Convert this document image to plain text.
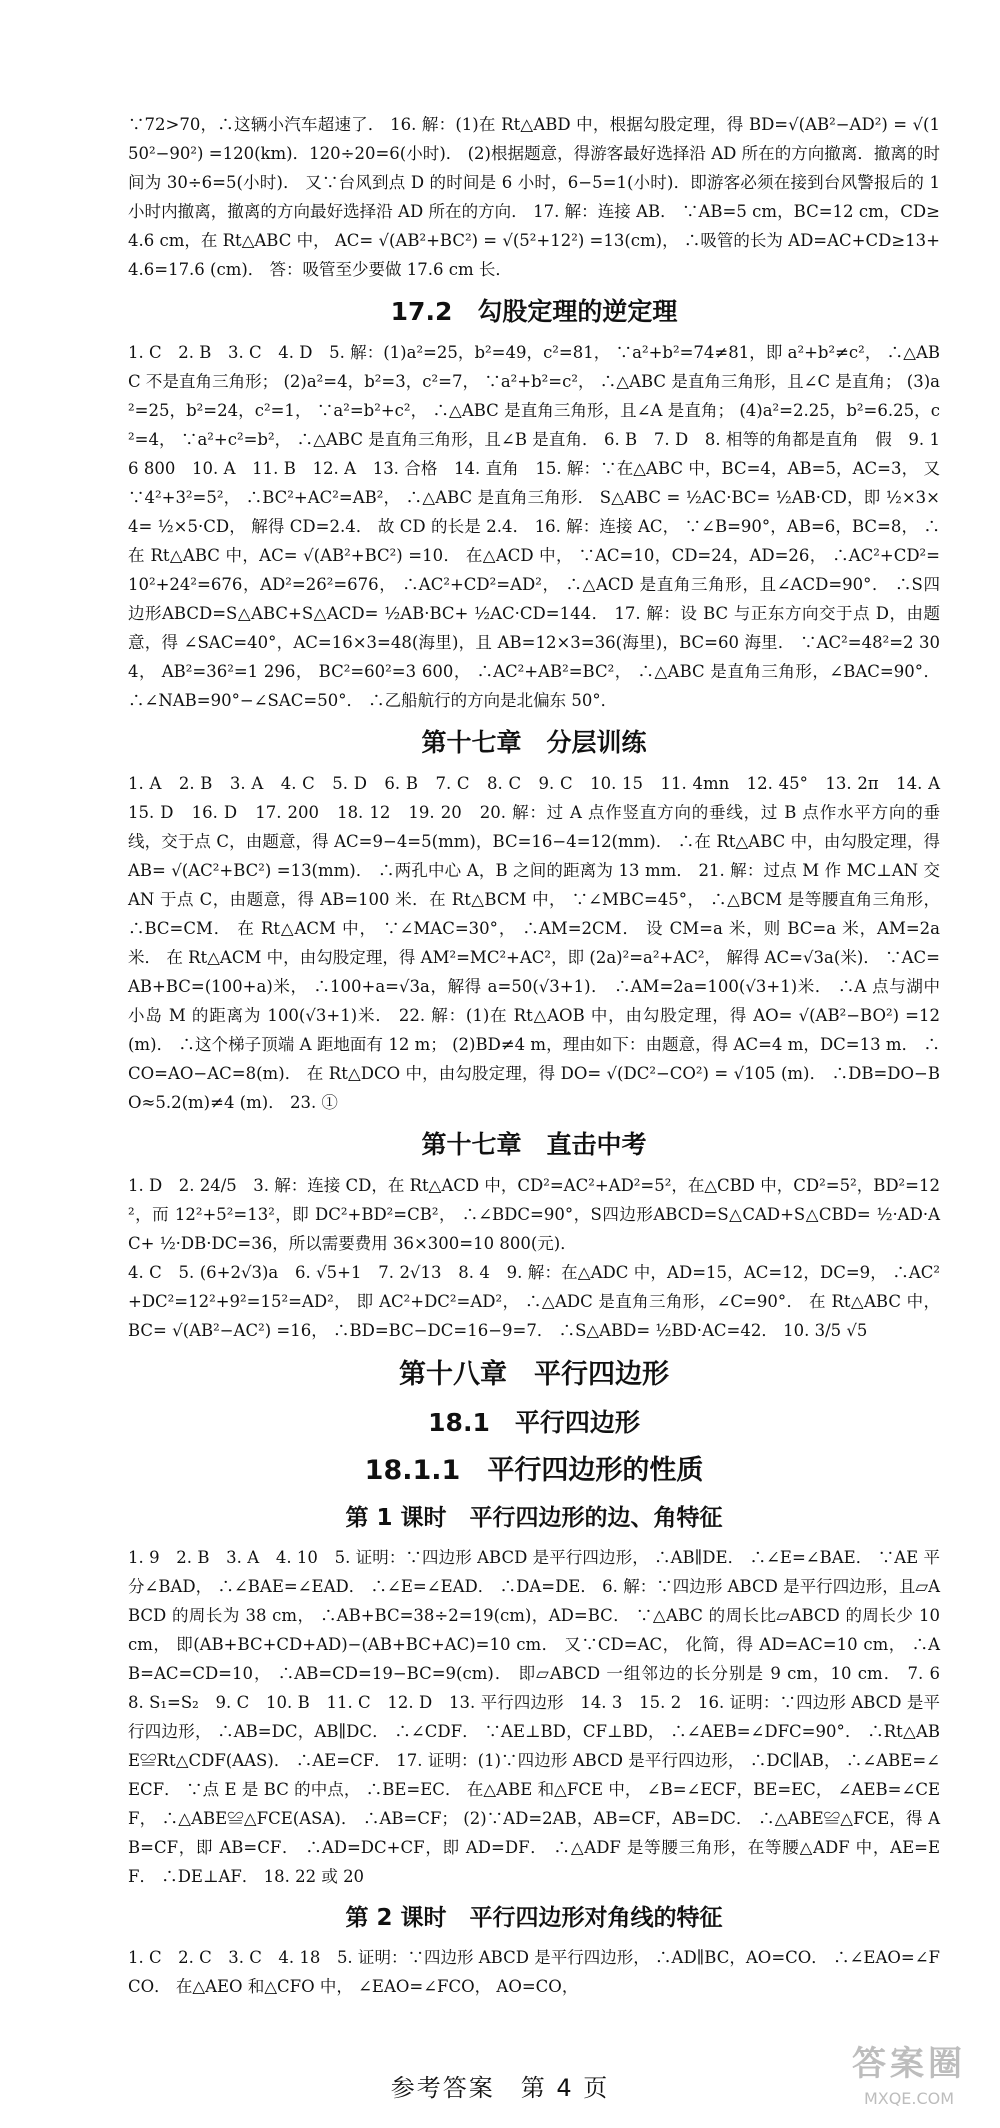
∵72>70，∴这辆小汽车超速了． 16. 解：(1)在 Rt△ABD 中，根据勾股定理，得 BD=√(AB²−AD²) = √(150²−90²) =120(km)．120÷20=6(小时)． (2)根据题意，得游客最好选择沿 AD 所在的方向撤离．撤离的时间为 30÷6=5(小时)． 又∵台风到点 D 的时间是 6 小时，6−5=1(小时)．即游客必须在接到台风警报后的 1 小时内撤离，撤离的方向最好选择沿 AD 所在的方向． 17. 解：连接 AB． ∵AB=5 cm，BC=12 cm，CD≥4.6 cm，在 Rt△ABC 中， AC= √(AB²+BC²) = √(5²+12²) =13(cm)， ∴吸管的长为 AD=AC+CD≥13+4.6=17.6 (cm)． 答：吸管至少要做 17.6 cm 长．

17.2　勾股定理的逆定理

1. C　2. B　3. C　4. D　5. 解：(1)a²=25，b²=49，c²=81， ∵a²+b²=74≠81，即 a²+b²≠c²， ∴△ABC 不是直角三角形； (2)a²=4，b²=3，c²=7， ∵a²+b²=c²， ∴△ABC 是直角三角形，且∠C 是直角； (3)a²=25，b²=24，c²=1， ∵a²=b²+c²， ∴△ABC 是直角三角形，且∠A 是直角； (4)a²=2.25，b²=6.25，c²=4， ∵a²+c²=b²， ∴△ABC 是直角三角形，且∠B 是直角． 6. B　7. D　8. 相等的角都是直角　假　9. 16 800　10. A　11. B　12. A　13. 合格　14. 直角　15. 解：∵在△ABC 中，BC=4，AB=5，AC=3， 又∵4²+3²=5²， ∴BC²+AC²=AB²， ∴△ABC 是直角三角形． S△ABC = ½AC·BC= ½AB·CD，即 ½×3×4= ½×5·CD， 解得 CD=2.4． 故 CD 的长是 2.4． 16. 解：连接 AC， ∵∠B=90°，AB=6，BC=8， ∴在 Rt△ABC 中，AC= √(AB²+BC²) =10． 在△ACD 中， ∵AC=10，CD=24，AD=26， ∴AC²+CD²=10²+24²=676，AD²=26²=676， ∴AC²+CD²=AD²， ∴△ACD 是直角三角形，且∠ACD=90°． ∴S四边形ABCD=S△ABC+S△ACD= ½AB·BC+ ½AC·CD=144． 17. 解：设 BC 与正东方向交于点 D，由题意，得 ∠SAC=40°，AC=16×3=48(海里)，且 AB=12×3=36(海里)，BC=60 海里． ∵AC²=48²=2 304， AB²=36²=1 296， BC²=60²=3 600， ∴AC²+AB²=BC²， ∴△ABC 是直角三角形，∠BAC=90°． ∴∠NAB=90°−∠SAC=50°． ∴乙船航行的方向是北偏东 50°．

第十七章　分层训练

1. A　2. B　3. A　4. C　5. D　6. B　7. C　8. C　9. C　10. 15　11. 4mn　12. 45°　13. 2π　14. A　15. D　16. D　17. 200　18. 12　19. 20　20. 解：过 A 点作竖直方向的垂线，过 B 点作水平方向的垂线，交于点 C，由题意，得 AC=9−4=5(mm)，BC=16−4=12(mm)． ∴在 Rt△ABC 中，由勾股定理，得 AB= √(AC²+BC²) =13(mm)． ∴两孔中心 A，B 之间的距离为 13 mm． 21. 解：过点 M 作 MC⊥AN 交 AN 于点 C，由题意，得 AB=100 米．在 Rt△BCM 中， ∵∠MBC=45°， ∴△BCM 是等腰直角三角形， ∴BC=CM． 在 Rt△ACM 中， ∵∠MAC=30°， ∴AM=2CM． 设 CM=a 米，则 BC=a 米，AM=2a 米． 在 Rt△ACM 中，由勾股定理，得 AM²=MC²+AC²，即 (2a)²=a²+AC²， 解得 AC=√3a(米)． ∵AC=AB+BC=(100+a)米， ∴100+a=√3a，解得 a=50(√3+1)． ∴AM=2a=100(√3+1)米． ∴A 点与湖中小岛 M 的距离为 100(√3+1)米． 22. 解：(1)在 Rt△AOB 中，由勾股定理，得 AO= √(AB²−BO²) =12(m)． ∴这个梯子顶端 A 距地面有 12 m； (2)BD≠4 m，理由如下：由题意，得 AC=4 m，DC=13 m． ∴CO=AO−AC=8(m)． 在 Rt△DCO 中，由勾股定理，得 DO= √(DC²−CO²) = √105 (m)． ∴DB=DO−BO≈5.2(m)≠4 (m)． 23. ①

第十七章　直击中考

1. D　2. 24/5　3. 解：连接 CD，在 Rt△ACD 中，CD²=AC²+AD²=5²，在△CBD 中，CD²=5²，BD²=12²，而 12²+5²=13²，即 DC²+BD²=CB²， ∴∠BDC=90°，S四边形ABCD=S△CAD+S△CBD= ½·AD·AC+ ½·DB·DC=36，所以需要费用 36×300=10 800(元)．

4. C　5. (6+2√3)a　6. √5+1　7. 2√13　8. 4　9. 解：在△ADC 中，AD=15，AC=12，DC=9， ∴AC²+DC²=12²+9²=15²=AD²， 即 AC²+DC²=AD²， ∴△ADC 是直角三角形，∠C=90°． 在 Rt△ABC 中，BC= √(AB²−AC²) =16， ∴BD=BC−DC=16−9=7． ∴S△ABD= ½BD·AC=42． 10. 3/5 √5

第十八章　平行四边形
18.1　平行四边形
18.1.1　平行四边形的性质
第 1 课时　平行四边形的边、角特征

1. 9　2. B　3. A　4. 10　5. 证明：∵四边形 ABCD 是平行四边形， ∴AB∥DE． ∴∠E=∠BAE． ∵AE 平分∠BAD， ∴∠BAE=∠EAD． ∴∠E=∠EAD． ∴DA=DE． 6. 解：∵四边形 ABCD 是平行四边形，且▱ABCD 的周长为 38 cm， ∴AB+BC=38÷2=19(cm)，AD=BC． ∵△ABC 的周长比▱ABCD 的周长少 10 cm， 即(AB+BC+CD+AD)−(AB+BC+AC)=10 cm． 又∵CD=AC， 化简，得 AD=AC=10 cm， ∴AB=AC=CD=10， ∴AB=CD=19−BC=9(cm)． 即▱ABCD 一组邻边的长分别是 9 cm，10 cm． 7. 6　8. S₁=S₂　9. C　10. B　11. C　12. D　13. 平行四边形　14. 3　15. 2　16. 证明：∵四边形 ABCD 是平行四边形， ∴AB=DC，AB∥DC． ∴∠CDF． ∵AE⊥BD，CF⊥BD， ∴∠AEB=∠DFC=90°． ∴Rt△ABE≌Rt△CDF(AAS)． ∴AE=CF． 17. 证明：(1)∵四边形 ABCD 是平行四边形， ∴DC∥AB， ∴∠ABE=∠ECF． ∵点 E 是 BC 的中点， ∴BE=EC． 在△ABE 和△FCE 中， ∠B=∠ECF，BE=EC， ∠AEB=∠CEF， ∴△ABE≌△FCE(ASA)． ∴AB=CF； (2)∵AD=2AB，AB=CF，AB=DC． ∴△ABE≌△FCE，得 AB=CF，即 AB=CF． ∴AD=DC+CF，即 AD=DF． ∴△ADF 是等腰三角形，在等腰△ADF 中，AE=EF． ∴DE⊥AF． 18. 22 或 20

第 2 课时　平行四边形对角线的特征

1. C　2. C　3. C　4. 18　5. 证明：∵四边形 ABCD 是平行四边形， ∴AD∥BC，AO=CO． ∴∠EAO=∠FCO． 在△AEO 和△CFO 中， ∠EAO=∠FCO， AO=CO，

参考答案　第 4 页
答案圈
MXQE.COM
